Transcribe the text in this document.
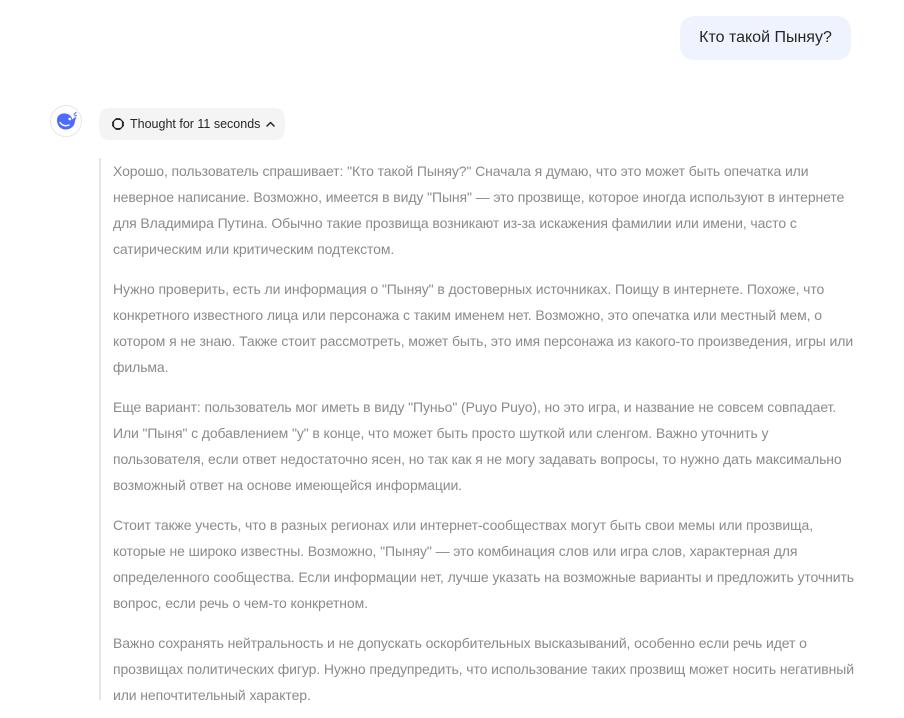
Кто такой Пыняу?
Thought for 11 seconds

Хорошо, пользователь спрашивает: "Кто такой Пыняу?" Сначала я думаю, что это может быть опечатка или неверное написание. Возможно, имеется в виду "Пыня" — это прозвище, которое иногда используют в интернете для Владимира Путина. Обычно такие прозвища возникают из-за искажения фамилии или имени, часто с сатирическим или критическим подтекстом.

Нужно проверить, есть ли информация о "Пыняу" в достоверных источниках. Поищу в интернете. Похоже, что конкретного известного лица или персонажа с таким именем нет. Возможно, это опечатка или местный мем, о котором я не знаю. Также стоит рассмотреть, может быть, это имя персонажа из какого-то произведения, игры или фильма.

Еще вариант: пользователь мог иметь в виду "Пуньо" (Puyo Puyo), но это игра, и название не совсем совпадает. Или "Пыня" с добавлением "у" в конце, что может быть просто шуткой или сленгом. Важно уточнить у пользователя, если ответ недостаточно ясен, но так как я не могу задавать вопросы, то нужно дать максимально возможный ответ на основе имеющейся информации.

Стоит также учесть, что в разных регионах или интернет-сообществах могут быть свои мемы или прозвища, которые не широко известны. Возможно, "Пыняу" — это комбинация слов или игра слов, характерная для определенного сообщества. Если информации нет, лучше указать на возможные варианты и предложить уточнить вопрос, если речь о чем-то конкретном.

Важно сохранять нейтральность и не допускать оскорбительных высказываний, особенно если речь идет о прозвищах политических фигур. Нужно предупредить, что использование таких прозвищ может носить негативный или непочтительный характер.
